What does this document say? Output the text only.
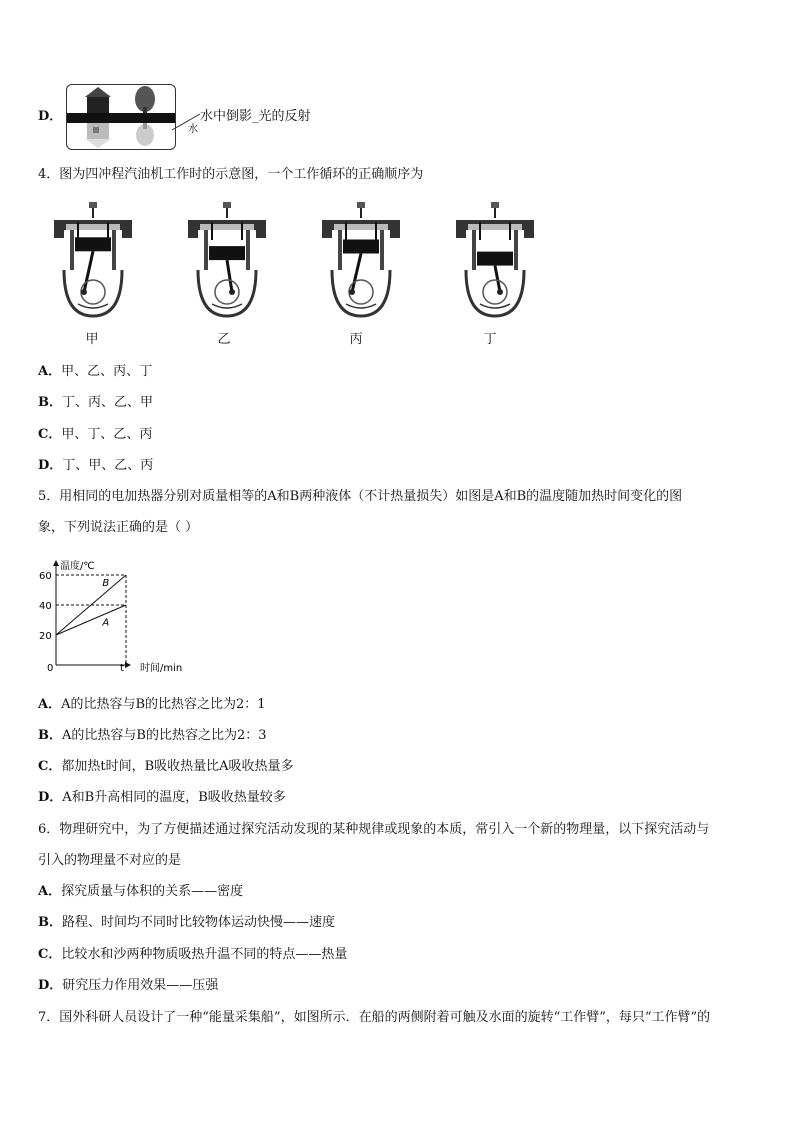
D．
水
水中倒影_光的反射
4．图为四冲程汽油机工作时的示意图，一个工作循环的正确顺序为
甲	乙	丙	丁
A．甲、乙、丙、丁
B．丁、丙、乙、甲
C．甲、丁、乙、丙
D．丁、甲、乙、丙
5．用相同的电加热器分别对质量相等的A和B两种液体（不计热量损失）如图是A和B的温度随加热时间变化的图
象，下列说法正确的是（ ）
温度/℃
时间/min
t
0
20
40
60
A
B
A．A的比热容与B的比热容之比为2：1
B．A的比热容与B的比热容之比为2：3
C．都加热t时间，B吸收热量比A吸收热量多
D．A和B升高相同的温度，B吸收热量较多
6．物理研究中，为了方便描述通过探究活动发现的某种规律或现象的本质，常引入一个新的物理量，以下探究活动与
引入的物理量不对应的是
A．探究质量与体积的关系——密度
B．路程、时间均不同时比较物体运动快慢——速度
C．比较水和沙两种物质吸热升温不同的特点——热量
D．研究压力作用效果——压强
7．国外科研人员设计了一种“能量采集船”，如图所示．在船的两侧附着可触及水面的旋转“工作臂”，每只“工作臂”的
